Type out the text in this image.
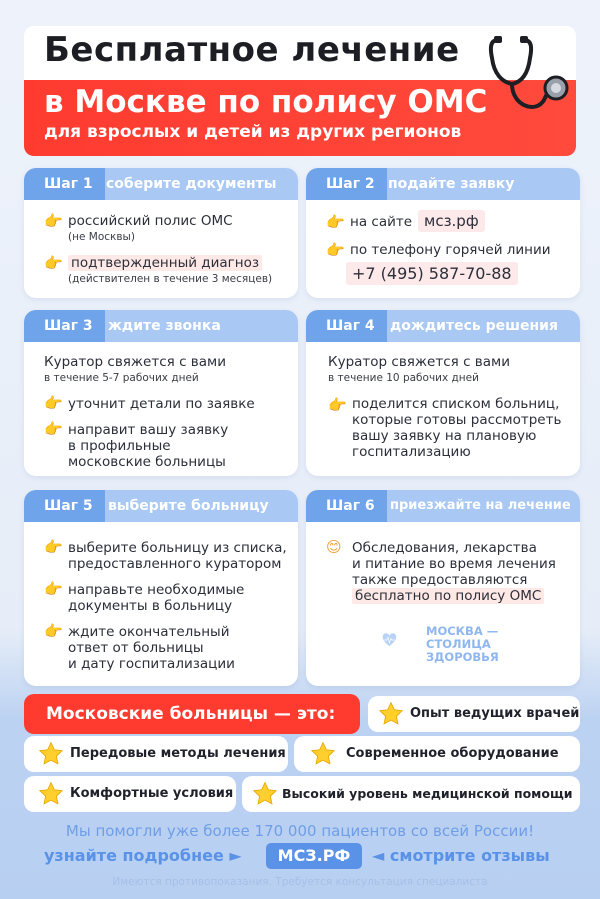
Бесплатное лечение
в Москве по полису ОМС
для взрослых и детей из других регионов
Шаг 1 соберите документы
👉 российский полис ОМС
(не Москвы)
👉 подтвержденный диагноз
(действителен в течение 3 месяцев)
Шаг 2 подайте заявку
👉 на сайте мсз.рф
👉 по телефону горячей линии
+7 (495) 587-70-88
Шаг 3	ждите звонка
Куратор свяжется с вами
в течение 5-7 рабочих дней
👉 уточнит детали по заявке
👉 направит вашу заявку
в профильные
московские больницы
Шаг 4	дождитесь решения
Куратор свяжется с вами
в течение 10 рабочих дней
👉 поделится списком больниц,
которые готовы рассмотреть
вашу заявку на плановую
госпитализацию
Шаг 5	выберите больницу
👉 выберите больницу из списка,
предоставленного куратором
👉 направьте необходимые
документы в больницу
👉 ждите окончательный
ответ от больницы
и дату госпитализации
Шаг 6	приезжайте на лечение
😊 Обследования, лекарства
и питание во время лечения
также предоставляются
бесплатно по полису ОМС
МОСКВА —
СТОЛИЦА
ЗДОРОВЬЯ
Московские больницы — это:	Опыт ведущих врачей
Передовые методы лечения	Современное оборудование
Комфортные условия	Высокий уровень медицинской помощи
Мы помогли уже более 170 000 пациентов со всей России!
узнайте подробнее ►	МСЗ.РФ	◄ смотрите отзывы
Имеются противопоказания. Требуется консультация специалиста
